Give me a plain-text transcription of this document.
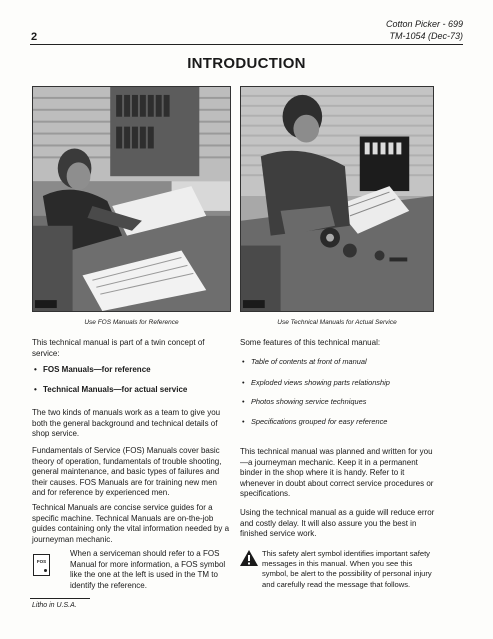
2
Cotton Picker - 699
TM-1054 (Dec-73)
INTRODUCTION
Use FOS Manuals for Reference	Use Technical Manuals for Actual Service
This technical manual is part of a twin concept of service:
• FOS Manuals—for reference
• Technical Manuals—for actual service
The two kinds of manuals work as a team to give you both the general background and technical details of shop service.
Fundamentals of Service (FOS) Manuals cover basic theory of operation, fundamentals of trouble shooting, general maintenance, and basic types of failures and their causes. FOS Manuals are for training new men and for reference by experienced men.
Technical Manuals are concise service guides for a specific machine. Technical Manuals are on-the-job guides containing only the vital information needed by a journeyman mechanic.
FOS
When a serviceman should refer to a FOS Manual for more information, a FOS symbol like the one at the left is used in the TM to identify the reference.
Some features of this technical manual:
• Table of contents at front of manual
• Exploded views showing parts relationship
• Photos showing service techniques
• Specifications grouped for easy reference
This technical manual was planned and written for you—a journeyman mechanic. Keep it in a permanent binder in the shop where it is handy. Refer to it whenever in doubt about correct service procedures or specifications.
Using the technical manual as a guide will reduce error and costly delay. It will also assure you the best in finished service work.
This safety alert symbol identifies important safety messages in this manual. When you see this symbol, be alert to the possibility of personal injury and carefully read the message that follows.
Litho in U.S.A.
